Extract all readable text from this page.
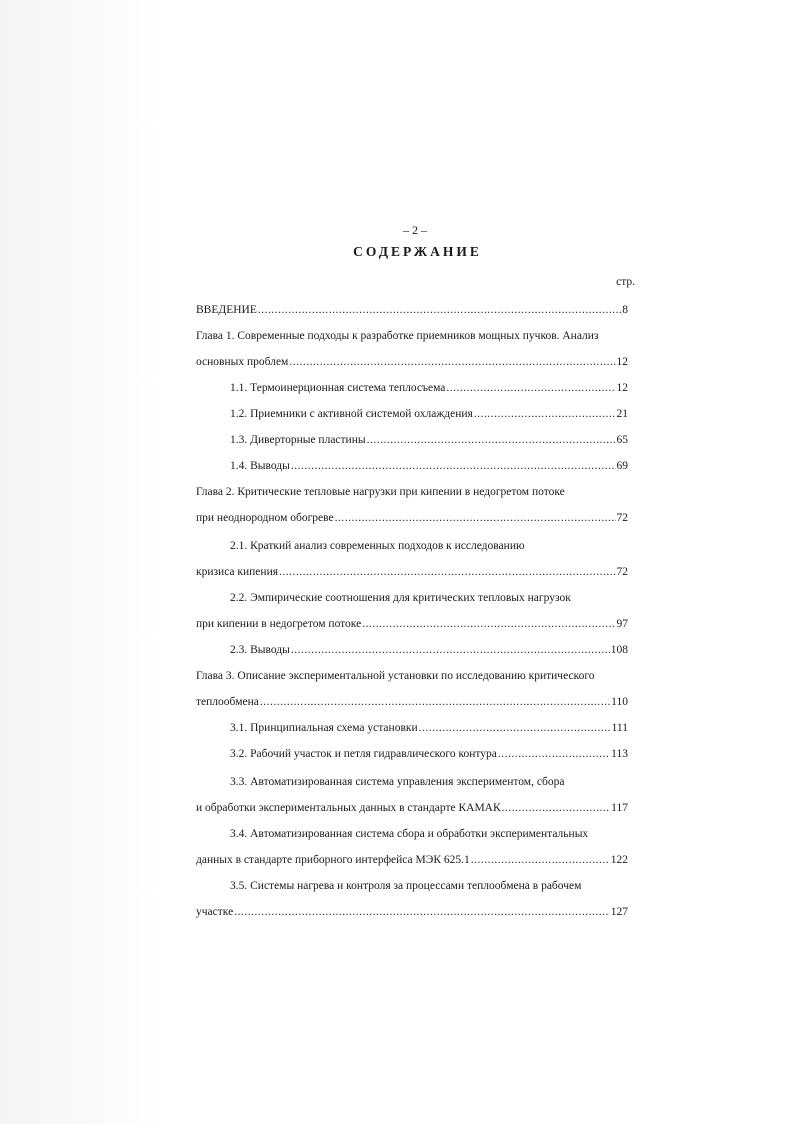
– 2 –
СОДЕРЖАНИЕ
стр.
ВВЕДЕНИЕ .....	8
Глава 1. Современные подходы к разработке приемников мощных пучков. Анализ
основных проблем .....	12
1.1. Термоинерционная система теплосъема .....	12
1.2. Приемники с активной системой охлаждения .....	21
1.3. Диверторные пластины .....	65
1.4. Выводы .....	69
Глава 2. Критические тепловые нагрузки при кипении в недогретом потоке
при неоднородном обогреве .....	72
2.1. Краткий анализ современных подходов к исследованию
кризиса кипения .....	72
2.2. Эмпирические соотношения для критических тепловых нагрузок
при кипении в недогретом потоке .....	97
2.3. Выводы .....	108
Глава 3. Описание экспериментальной установки по исследованию критического
теплообмена .....	110
3.1. Принципиальная схема установки .....	111
3.2. Рабочий участок и петля гидравлического контура .....	113
3.3. Автоматизированная система управления экспериментом, сбора
и обработки экспериментальных данных в стандарте КАМАК .....	117
3.4. Автоматизированная система сбора и обработки экспериментальных
данных в стандарте приборного интерфейса МЭК 625.1 .....	122
3.5. Системы нагрева и контроля за процессами теплообмена в рабочем
участке .....	127
